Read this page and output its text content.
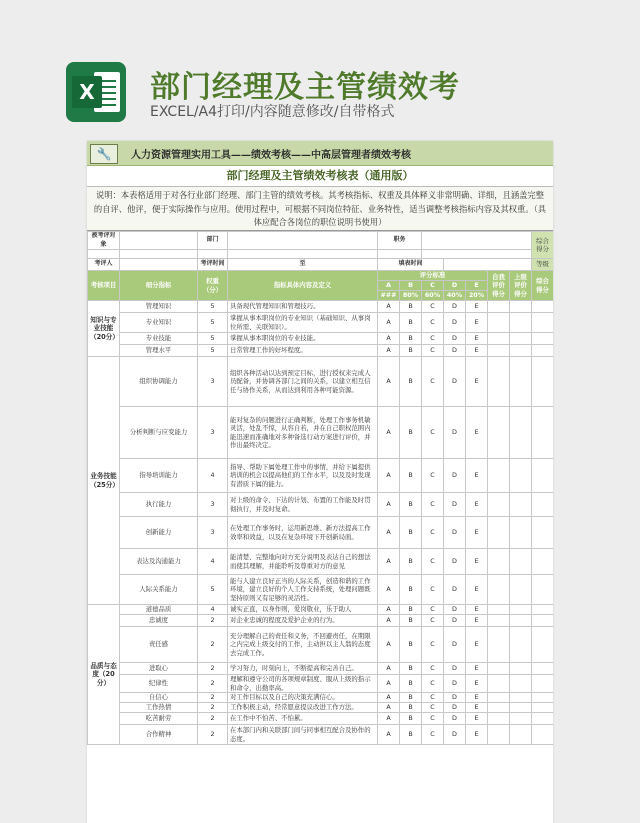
X 部门经理及主管绩效考
EXCEL/A4打印/内容随意修改/自带格式
🔧	人力资源管理实用工具——绩效考核——中高层管理者绩效考核
部门经理及主管绩效考核表（通用版）
说明：本表格适用于对各行业部门经理、部门主管的绩效考核。其考核指标、权重及具体释义非常明确、详细，且涵盖完整的自评、他评，便于实际操作与应用。使用过程中，可根据不同岗位特征、业务特性，适当调整考核指标内容及其权重。（具体应配合各岗位的职位说明书使用）
被考评对象		部门		职务							综合得分

考评人		考评时间	至	填表时间							等级
考核项目	细分指标	权重（分）	指标具体内容及定义	评分标准					自我评价得分	上级评价得分	综合得分
				A	B	C	D	E			
				###	80%	60%	40%	20%			
知识与专业技能（20分）	管理知识	5	具备现代管理知识和管理技巧。	A	B	C	D	E			
	专业知识	5	掌握从事本职岗位的专业知识（基础知识、从事岗位所需、关联知识）。	A	B	C	D	E			
	专业技能	5	掌握从事本职岗位的专业技能。	A	B	C	D	E			
	管理水平	5	日常管理工作的好坏程度。	A	B	C	D	E			
业务技能（25分）	组织协调能力	3	组织各种活动以达到预定目标，进行授权来完成人员配备，并协调各部门之间的关系，以建立相互信任与协作关系，从而达到利用各种可能资源。	A	B	C	D	E			
	分析判断与应变能力	3	能对复杂的问题进行正确判断，处理工作事务机敏灵活，处乱不惊，从容自若，并在自己职权范围内能迅速而准确地对多种备选行动方案进行评价，并作出最终决定。	A	B	C	D	E			
	指导培训能力	4	指导、帮助下属处理工作中的事情，并给下属提供培训的机会以提高他们的工作水平，以及及时发现有潜质下属的能力。	A	B	C	D	E			
	执行能力	3	对上级的命令、下达的计划、布置的工作能及时贯彻执行，并及时复命。	A	B	C	D	E			
	创新能力	3	在处理工作事务时，运用新思维、新方法提高工作效率和效益，以及在复杂环境下开创新局面。	A	B	C	D	E			
	表达及沟通能力	4	能清楚、完整地向对方充分说明及表达自己的想法而使其理解，并能聆听及尊重对方的意见	A	B	C	D	E			
	人际关系能力	5	能与人建立良好正当的人际关系，创造和谐的工作环境，建立良好的个人工作支持系统，处理问题既坚持原则又有足够的灵活性。	A	B	C	D	E			
品质与态度（20分）	道德品质	4	诚实正直，以身作则，爱岗敬业，乐于助人	A	B	C	D	E			
	忠诚度	2	对企业忠诚的程度及爱护企业的行为。	A	B	C	D	E			
	责任感	2	充分理解自己的责任和义务，不回避责任，在期限之内完成上级交付的工作，主动担以主人翁的态度去完成工作。	A	B	C	D	E			
	进取心	2	学习努力，时刻向上，不断提高和完善自己。	A	B	C	D	E			
	纪律性	2	理解和遵守公司的各项规章制度、服从上级的指示和命令，出勤率高。	A	B	C	D	E			
	自信心	2	对工作目标以及自己的决策充满信心。	A	B	C	D	E			
	工作热情	2	工作积极主动，经常愿意提议改进工作方法。	A	B	C	D	E			
	吃苦耐劳	2	在工作中不怕苦、不怕累。	A	B	C	D	E			
	合作精神	2	在本部门内和关联部门间与同事相互配合及协作的态度。	A	B	C	D	E			
